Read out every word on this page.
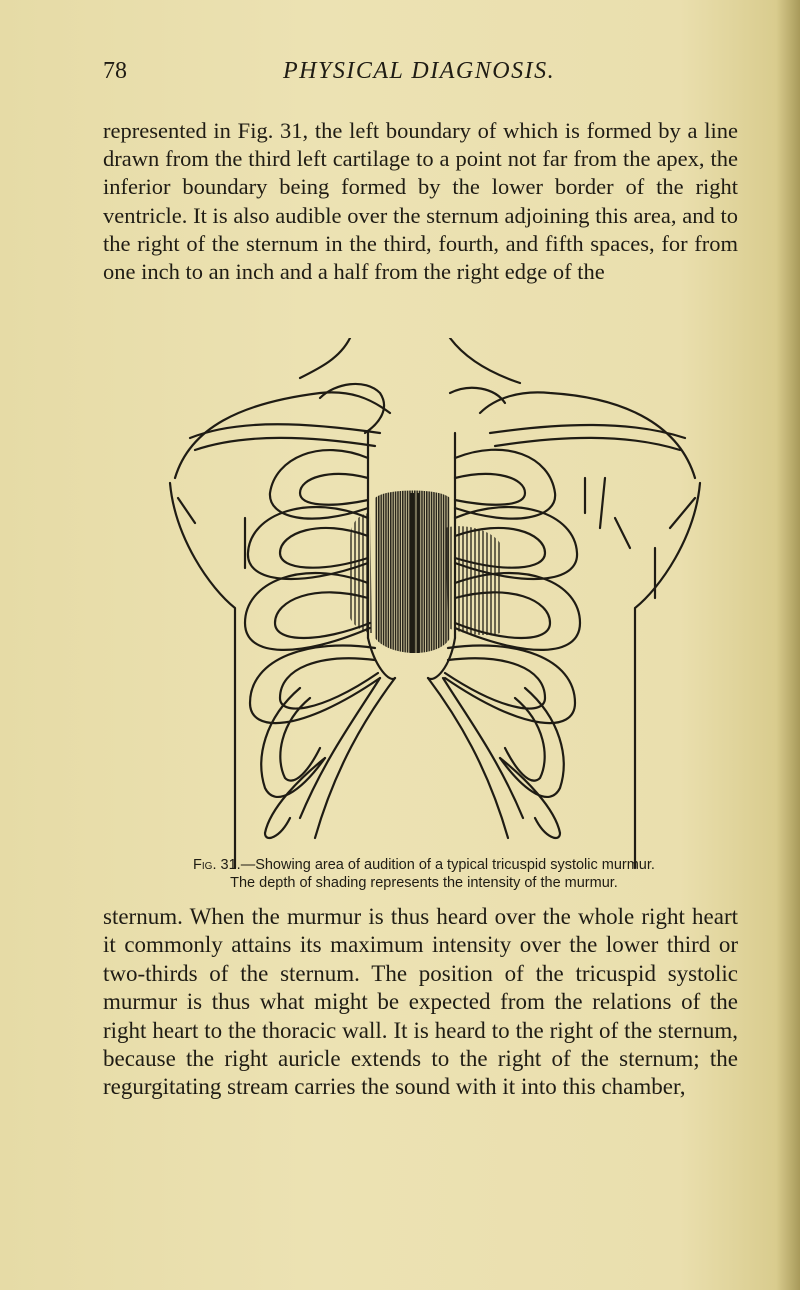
78	PHYSICAL DIAGNOSIS.

represented in Fig. 31, the left boundary of which is formed by a line drawn from the third left cartilage to a point not far from the apex, the inferior boundary being formed by the lower border of the right ventricle. It is also audible over the sternum adjoining this area, and to the right of the sternum in the third, fourth, and fifth spaces, for from one inch to an inch and a half from the right edge of the

Fig. 31.—Showing area of audition of a typical tricuspid systolic murmur.
The depth of shading represents the intensity of the murmur.

sternum. When the murmur is thus heard over the whole right heart it commonly attains its maximum intensity over the lower third or two-thirds of the sternum. The position of the tricuspid systolic murmur is thus what might be expected from the relations of the right heart to the thoracic wall. It is heard to the right of the sternum, because the right auricle extends to the right of the sternum; the regurgitating stream carries the sound with it into this chamber,
